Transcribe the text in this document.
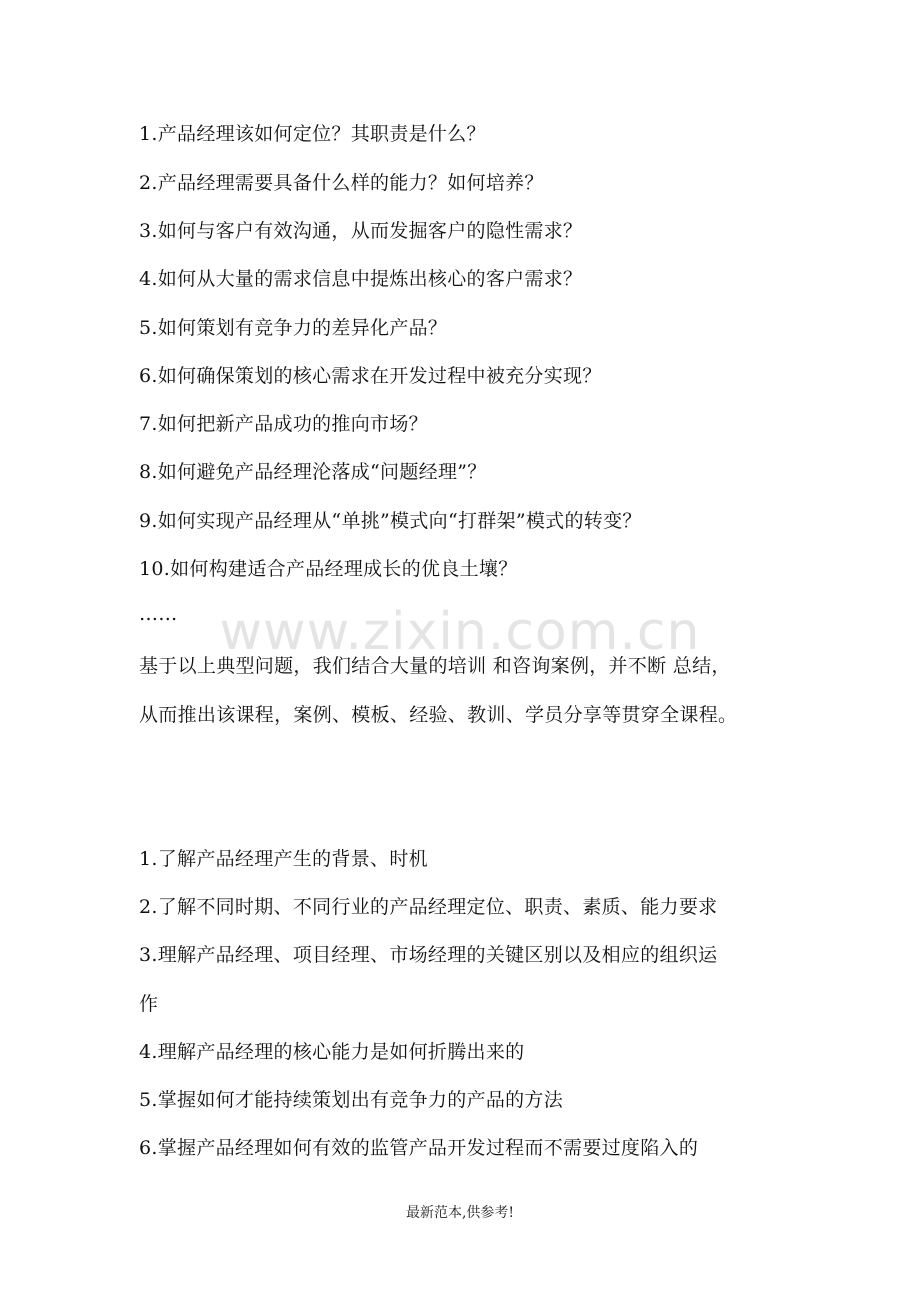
www.zixin.com.cn
1.产品经理该如何定位？其职责是什么？
2.产品经理需要具备什么样的能力？如何培养？
3.如何与客户有效沟通，从而发掘客户的隐性需求？
4.如何从大量的需求信息中提炼出核心的客户需求？
5.如何策划有竞争力的差异化产品？
6.如何确保策划的核心需求在开发过程中被充分实现？
7.如何把新产品成功的推向市场？
8.如何避免产品经理沦落成“问题经理”？
9.如何实现产品经理从“单挑”模式向“打群架”模式的转变？
10.如何构建适合产品经理成长的优良土壤？
……
基于以上典型问题，我们结合大量的培训 和咨询案例，并不断 总结，
从而推出该课程，案例、模板、经验、教训、学员分享等贯穿全课程。
1.了解产品经理产生的背景、时机
2.了解不同时期、不同行业的产品经理定位、职责、素质、能力要求
3.理解产品经理、项目经理、市场经理的关键区别以及相应的组织运
作
4.理解产品经理的核心能力是如何折腾出来的
5.掌握如何才能持续策划出有竞争力的产品的方法
6.掌握产品经理如何有效的监管产品开发过程而不需要过度陷入的
最新范本,供参考!
